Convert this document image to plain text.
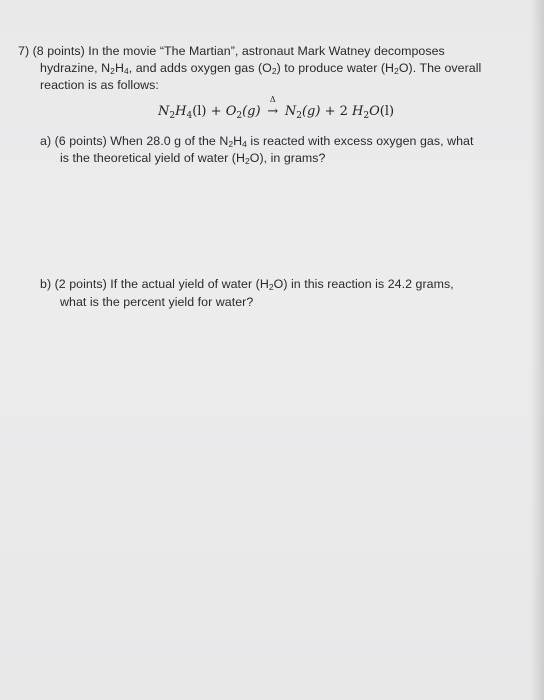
7) (8 points) In the movie “The Martian”, astronaut Mark Watney decomposes
hydrazine, $N_2H_4$, and adds oxygen gas $(O_2)$ to produce water $(H_2O)$. The overall
reaction is as follows:
$N_2H_4(l) + O_2(g)$
Δ
→ $N_2(g) + 2$ $H_2O(l)$
a) (6 points) When 28.0 g of the $N_2H_4$ is reacted with excess oxygen gas, what
is the theoretical yield of water $(H_2O)$, in grams?
b) (2 points) If the actual yield of water $(H_2O)$ in this reaction is 24.2 grams,
what is the percent yield for water?
